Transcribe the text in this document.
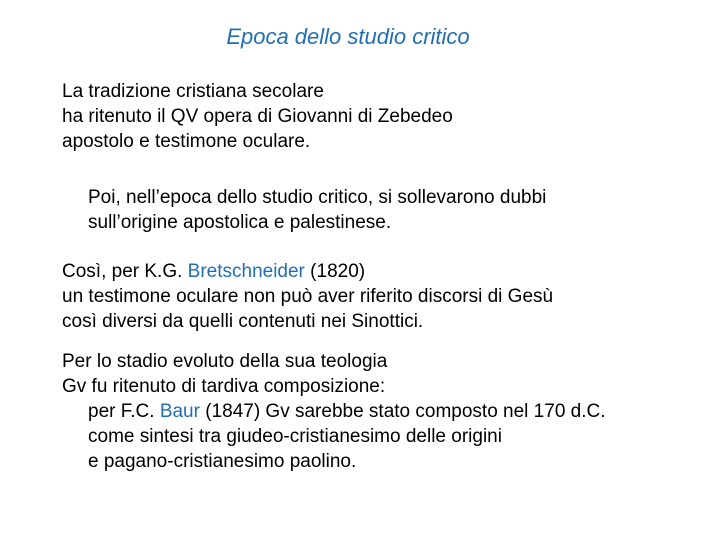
Epoca dello studio critico
La tradizione cristiana secolare
ha ritenuto il QV opera di Giovanni di Zebedeo
apostolo e testimone oculare.
Poi, nell’epoca dello studio critico, si sollevarono dubbi
sull’origine apostolica e palestinese.
Così, per K.G. Bretschneider (1820)
un testimone oculare non può aver riferito discorsi di Gesù
così diversi da quelli contenuti nei Sinottici.
Per lo stadio evoluto della sua teologia
Gv fu ritenuto di tardiva composizione:
per F.C. Baur (1847) Gv sarebbe stato composto nel 170 d.C.
come sintesi tra giudeo‑cristianesimo delle origini
e pagano‑cristianesimo paolino.
